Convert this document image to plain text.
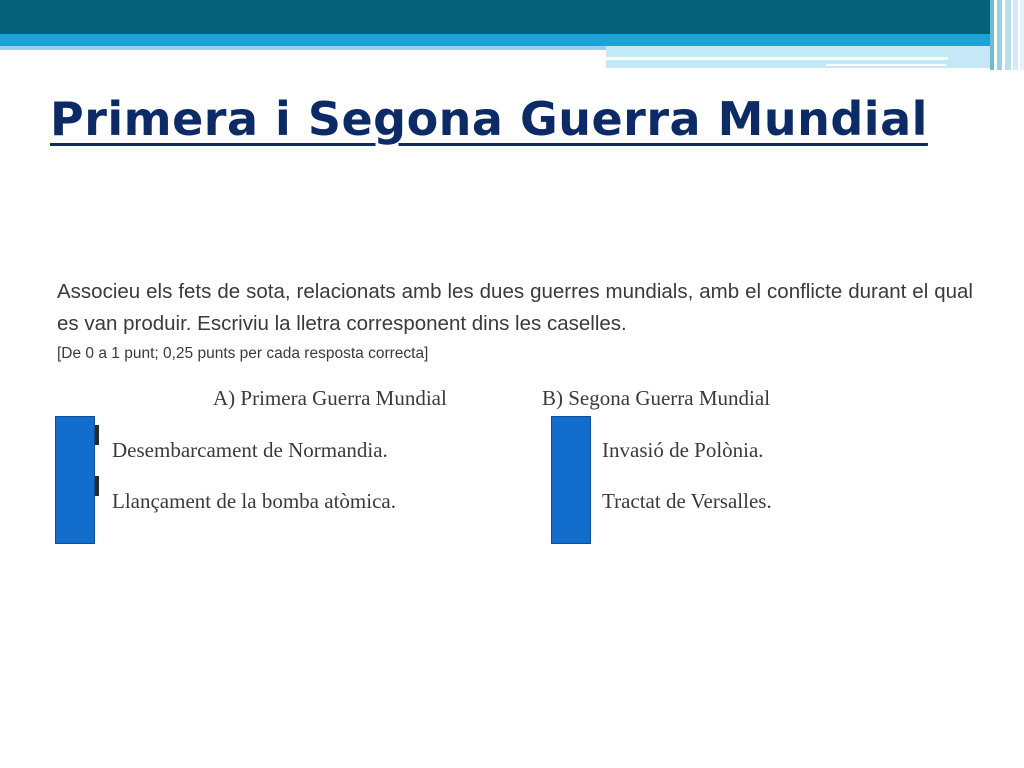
Primera i Segona Guerra Mundial

Associeu els fets de sota, relacionats amb les dues guerres mundials, amb el conflicte durant el qual es van produir. Escriviu la lletra corresponent dins les caselles.

[De 0 a 1 punt; 0,25 punts per cada resposta correcta]
A) Primera Guerra Mundial	B) Segona Guerra Mundial
Desembarcament de Normandia.
Llançament de la bomba atòmica.
Invasió de Polònia.
Tractat de Versalles.
